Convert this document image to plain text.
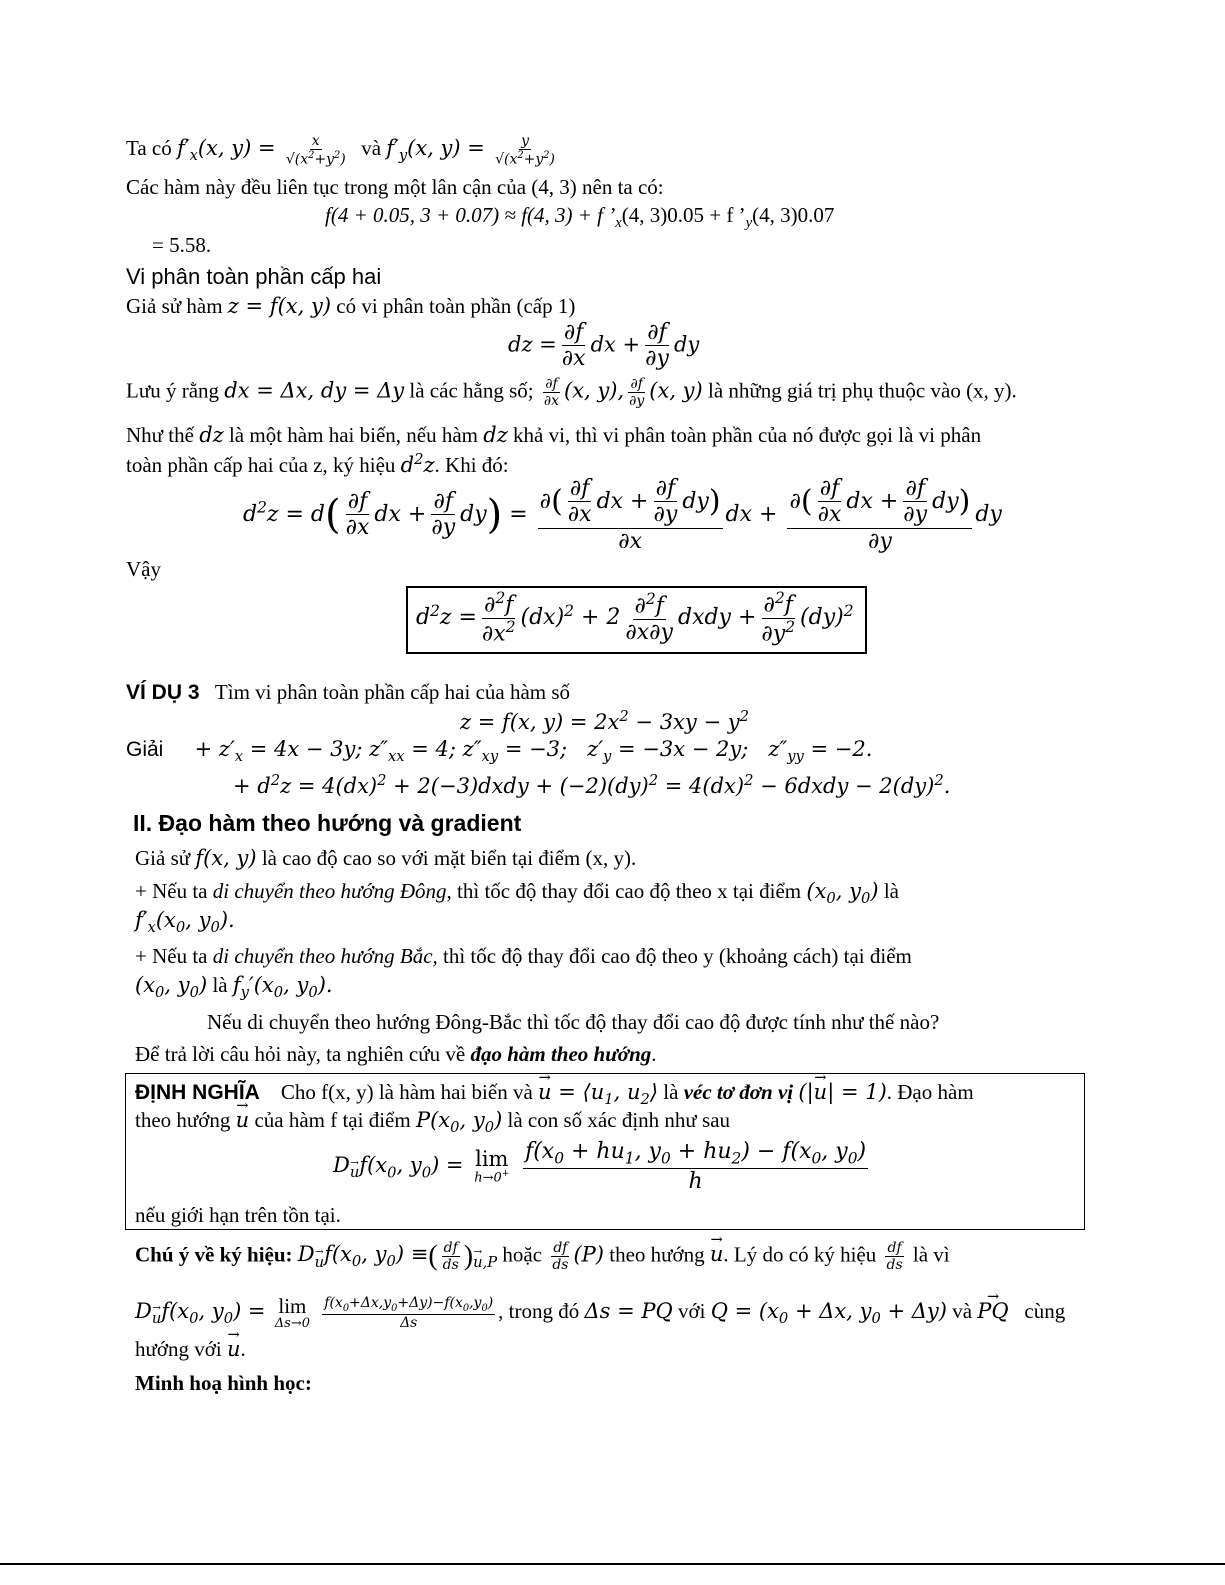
Ta có $f'_x(x$, $y) = \frac{x}{√(x^2+y^2)}$ và $f'_y(x$, $y) = \frac{y}{√(x^2+y^2)}$
Các hàm này đều liên tục trong một lân cận của (4, 3) nên ta có:
f(4 + 0.05, 3 + 0.07) ≈ f(4, 3) + f $’_x(4$, 3)0.05 + f $’_y(4$, 3)0.07
= 5.58.
Vi phân toàn phần cấp hai
Giả sử hàm z = f(x, y) có vi phân toàn phần (cấp 1)
dz = $\frac{\partial f}{\partial x}$ dx + $\frac{\partial f}{\partial y}$ dy
Lưu ý rằng dx = Δx, dy = Δy là các hằng số; $\frac{\partial f}{\partial x} (x$, y), $\frac{\partial f}{\partial y} (x$, y) là những giá trị phụ thuộc vào (x, y).
Như thế dz là một hàm hai biến, nếu hàm dz khả vi, thì vi phân toàn phần của nó được gọi là vi phân
toàn phần cấp hai của z, ký hiệu $d^2z$. Khi đó:
$d^2z = d( \frac{\partial f}{\partial x}$ dx + $\frac{\partial f}{\partial y} dy) = \frac{\partial( \frac{\partial f}{\partial x} dx + \frac{\partial f}{\partial y} dy)}{\partial x}$ dx + $\frac{\partial( \frac{\partial f}{\partial x} dx + \frac{\partial f}{\partial y} dy)}{\partial y}$ dy
Vậy
$d^2z = \frac{\partial^2f}{\partial x^2} (dx)^2 + 2 \frac{\partial^2f}{\partial x\partial y}$ dxdy + $\frac{\partial^2f}{\partial y^2} (dy)^2$
VÍ DỤ 3 Tìm vi phân toàn phần cấp hai của hàm số
z = f(x, $y) = 2x^2 - 3xy - y^2$
Giải + $z'_x = 4x - 3y$; $z''_{xx} = 4$; $z''_{xy} = -3$;   $z'_y = -3x - 2y$;   $z''_{yy} = -2$.
+ $d^2z = 4(dx)^2$ + 2(−3)dxdy + (−2)(dy)$^2$ = 4(dx)$^2$ − 6dxdy − 2(dy)$^2$.
II. Đạo hàm theo hướng và gradient
Giả sử f(x, y) là cao độ cao so với mặt biển tại điểm (x, y).
+ Nếu ta di chuyển theo hướng Đông, thì tốc độ thay đổi cao độ theo x tại điểm ($x_0$, $y_0$) là
$f'_x(x_0$, $y_0$).
+ Nếu ta di chuyển theo hướng Bắc, thì tốc độ thay đổi cao độ theo y (khoảng cách) tại điểm
($x_0$, $y_0$) là $f_y'(x_0$, $y_0$).
Nếu di chuyển theo hướng Đông-Bắc thì tốc độ thay đổi cao độ được tính như thế nào?
Để trả lời câu hỏi này, ta nghiên cứu về đạo hàm theo hướng.
ĐỊNH NGHĨA Cho f(x, y) là hàm hai biến và → $u = ⟨u_1$, $u_2⟩$ là véc tơ đơn vị (|→ u| = 1). Đạo hàm
theo hướng → u của hàm f tại điểm $P(x_0$, $y_0$) là con số xác định như sau
$D\to _uf(x_0$, $y_0) = \lim$
h→0+
$\frac{f(x_0 + hu_1, y_0 + hu_2) - f(x_0, y_0)}{h}$
nếu giới hạn trên tồn tại.
Chú ý về ký hiệu: $D\to _uf(x_0$, $y_0$) ≡( $\frac{df}{ds}$ )→ $_{u,P}$ hoặc $\frac{df}{ds} (P)$ theo hướng → u. Lý do có ký hiệu $\frac{df}{ds}$ là vì
$D\to _uf(x_0$, $y_0) = \lim$
Δs→0
$\frac{f(x_0+\Delta x,y_0+\Delta y)-f(x_0,y_0)}{\Delta s}$ , trong đó Δs = PQ với $Q = (x_0 + \Delta x$, $y_0 + \Delta y$) và → PQ cùng
hướng với → u.
Minh hoạ hình học:
